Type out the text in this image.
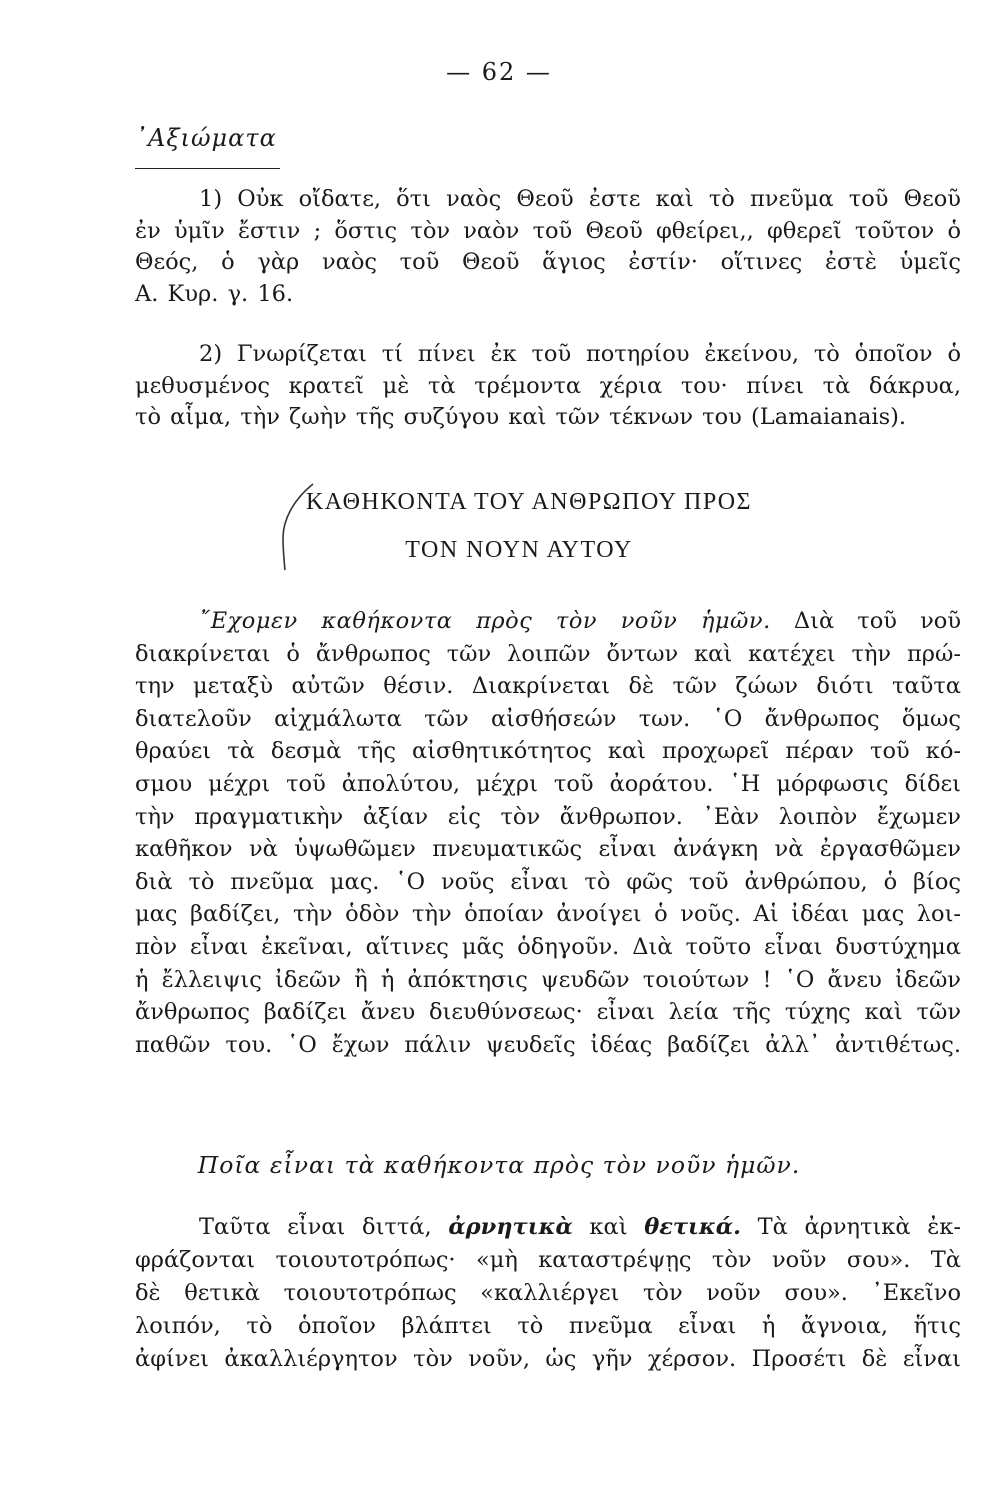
— 62 —
᾿Αξιώματα
1) Οὐκ οἴδατε, ὅτι ναὸς Θεοῦ ἐστε καὶ τὸ πνεῦμα τοῦ Θεοῦ
ἐν ὑμῖν ἔστιν ; ὅστις τὸν ναὸν τοῦ Θεοῦ φθείρει,, φθερεῖ τοῦτον ὁ
Θεός, ὁ γὰρ ναὸς τοῦ Θεοῦ ἅγιος ἐστίν· οἵτινες ἐστὲ ὑμεῖς
Α. Κυρ. γ. 16.
2) Γνωρίζεται τί πίνει ἐκ τοῦ ποτηρίου ἐκείνου, τὸ ὁποῖον ὁ
μεθυσμένος κρατεῖ μὲ τὰ τρέμοντα χέρια του· πίνει τὰ δάκρυα,
τὸ αἷμα, τὴν ζωὴν τῆς συζύγου καὶ τῶν τέκνων του (Lamaianais).
ΚΑΘΗΚΟΝΤΑ ΤΟΥ ΑΝΘΡΩΠΟΥ ΠΡΟΣ
ΤΟΝ ΝΟΥΝ ΑΥΤΟΥ
῎Εχομεν καθήκοντα πρὸς τὸν νοῦν ἡμῶν. Διὰ τοῦ νοῦ
διακρίνεται ὁ ἄνθρωπος τῶν λοιπῶν ὄντων καὶ κατέχει τὴν πρώ-
την μεταξὺ αὐτῶν θέσιν. Διακρίνεται δὲ τῶν ζώων διότι ταῦτα
διατελοῦν αἰχμάλωτα τῶν αἰσθήσεών των. ῾Ο ἄνθρωπος ὅμως
θραύει τὰ δεσμὰ τῆς αἰσθητικότητος καὶ προχωρεῖ πέραν τοῦ κό-
σμου μέχρι τοῦ ἀπολύτου, μέχρι τοῦ ἀοράτου. ῾Η μόρφωσις δίδει
τὴν πραγματικὴν ἀξίαν εἰς τὸν ἄνθρωπον. ᾿Εὰν λοιπὸν ἔχωμεν
καθῆκον νὰ ὑψωθῶμεν πνευματικῶς εἶναι ἀνάγκη νὰ ἐργασθῶμεν
διὰ τὸ πνεῦμα μας. ῾Ο νοῦς εἶναι τὸ φῶς τοῦ ἀνθρώπου, ὁ βίος
μας βαδίζει, τὴν ὁδὸν τὴν ὁποίαν ἀνοίγει ὁ νοῦς. Αἱ ἰδέαι μας λοι-
πὸν εἶναι ἐκεῖναι, αἵτινες μᾶς ὁδηγοῦν. Διὰ τοῦτο εἶναι δυστύχημα
ἡ ἔλλειψις ἰδεῶν ἢ ἡ ἀπόκτησις ψευδῶν τοιούτων ! ῾Ο ἄνευ ἰδεῶν
ἄνθρωπος βαδίζει ἄνευ διευθύνσεως· εἶναι λεία τῆς τύχης καὶ τῶν
παθῶν του. ῾Ο ἔχων πάλιν ψευδεῖς ἰδέας βαδίζει ἀλλ᾽ ἀντιθέτως.
Ποῖα εἶναι τὰ καθήκοντα πρὸς τὸν νοῦν ἡμῶν.
Ταῦτα εἶναι διττά, ἀρνητικὰ καὶ θετικά. Τὰ ἀρνητικὰ ἐκ-
φράζονται τοιουτοτρόπως· «μὴ καταστρέψῃς τὸν νοῦν σου». Τὰ
δὲ θετικὰ τοιουτοτρόπως «καλλιέργει τὸν νοῦν σου». ᾿Εκεῖνο
λοιπόν, τὸ ὁποῖον βλάπτει τὸ πνεῦμα εἶναι ἡ ἄγνοια, ἥτις
ἀφίνει ἀκαλλιέργητον τὸν νοῦν, ὡς γῆν χέρσον. Προσέτι δὲ εἶναι
